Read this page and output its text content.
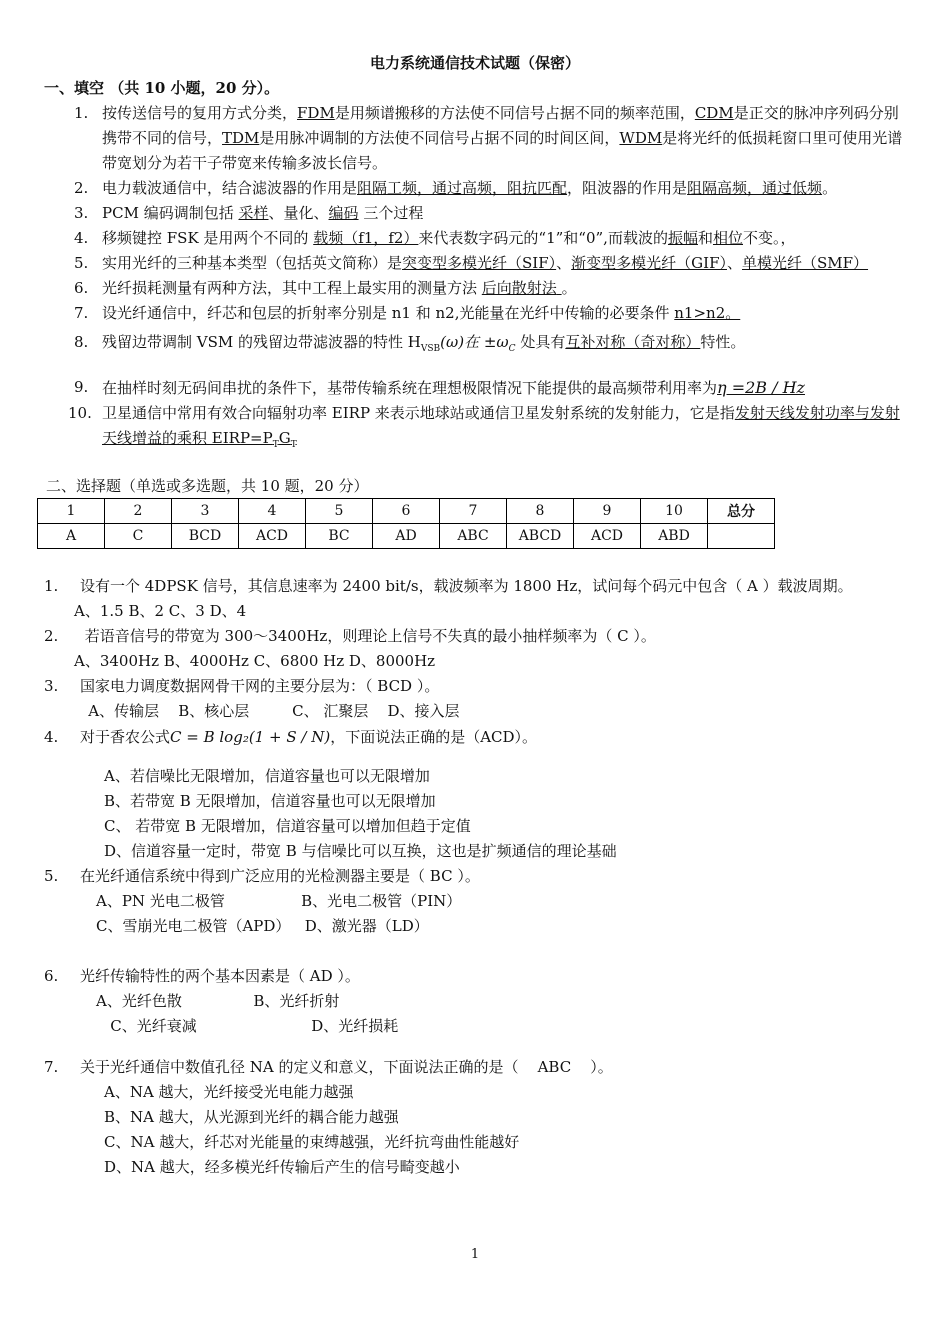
电力系统通信技术试题（保密）
一、填空 （共 10 小题，20 分）。
1. 按传送信号的复用方式分类，FDM是用频谱搬移的方法使不同信号占据不同的频率范围，CDM是正交的脉冲序列码分别携带不同的信号，TDM是用脉冲调制的方法使不同信号占据不同的时间区间，WDM是将光纤的低损耗窗口里可使用光谱带宽划分为若干子带宽来传输多波长信号。
2. 电力载波通信中，结合滤波器的作用是阻隔工频，通过高频，阻抗匹配，阻波器的作用是阻隔高频，通过低频。
3. PCM 编码调制包括 采样、量化、编码 三个过程
4. 移频键控 FSK 是用两个不同的 载频（f1，f2）来代表数字码元的“1”和“0”,而载波的振幅和相位不变。，
5. 实用光纤的三种基本类型（包括英文简称）是突变型多模光纤（SIF）、渐变型多模光纤（GIF）、单模光纤（SMF）
6. 光纤损耗测量有两种方法，其中工程上最实用的测量方法 后向散射法 。
7. 设光纤通信中，纤芯和包层的折射率分别是 n1 和 n2,光能量在光纤中传输的必要条件 n1>n2。
8. 残留边带调制 VSM 的残留边带滤波器的特性 $H_{VSB}(\omega)$在 $\pm\omega_C$ 处具有互补对称（奇对称）特性。
9. 在抽样时刻无码间串扰的条件下，基带传输系统在理想极限情况下能提供的最高频带利用率为η =2B / Hz
10. 卫星通信中常用有效合向辐射功率 EIRP 来表示地球站或通信卫星发射系统的发射能力，它是指发射天线发射功率与发射天线增益的乘积 $EIRP=P_TG_T$
二、选择题（单选或多选题，共 10 题，20 分）
1	2	3	4	5	6	7	8	9	10	总分
A	C	BCD	ACD	BC	AD	ABC	ABCD	ACD	ABD	

1. 设有一个 4DPSK 信号，其信息速率为 2400 bit/s，载波频率为 1800 Hz，试问每个码元中包含（ A ）载波周期。

A、1.5 B、2 C、3 D、4

2. 若语音信号的带宽为 300～3400Hz，则理论上信号不失真的最小抽样频率为（ C ）。

A、3400Hz B、4000Hz C、6800 Hz D、8000Hz

3. 国家电力调度数据网骨干网的主要分层为：（ BCD ）。

A、传输层    B、核心层         C、 汇聚层    D、接入层

4. 对于香农公式C = B log₂(1 + S / N)，下面说法正确的是（ACD）。

A、若信噪比无限增加，信道容量也可以无限增加

B、若带宽 B 无限增加，信道容量也可以无限增加

C、 若带宽 B 无限增加，信道容量可以增加但趋于定值

D、信道容量一定时，带宽 B 与信噪比可以互换，这也是扩频通信的理论基础

5. 在光纤通信系统中得到广泛应用的光检测器主要是（ BC ）。

A、PN 光电二极管                B、光电二极管（PIN）

C、雪崩光电二极管（APD）   D、激光器（LD）

6. 光纤传输特性的两个基本因素是（ AD ）。

A、光纤色散               B、光纤折射

C、光纤衰减                        D、光纤损耗

7. 关于光纤通信中数值孔径 NA 的定义和意义，下面说法正确的是（    ABC    ）。

A、NA 越大，光纤接受光电能力越强

B、NA 越大，从光源到光纤的耦合能力越强

C、NA 越大，纤芯对光能量的束缚越强，光纤抗弯曲性能越好

D、NA 越大，经多模光纤传输后产生的信号畸变越小

1
